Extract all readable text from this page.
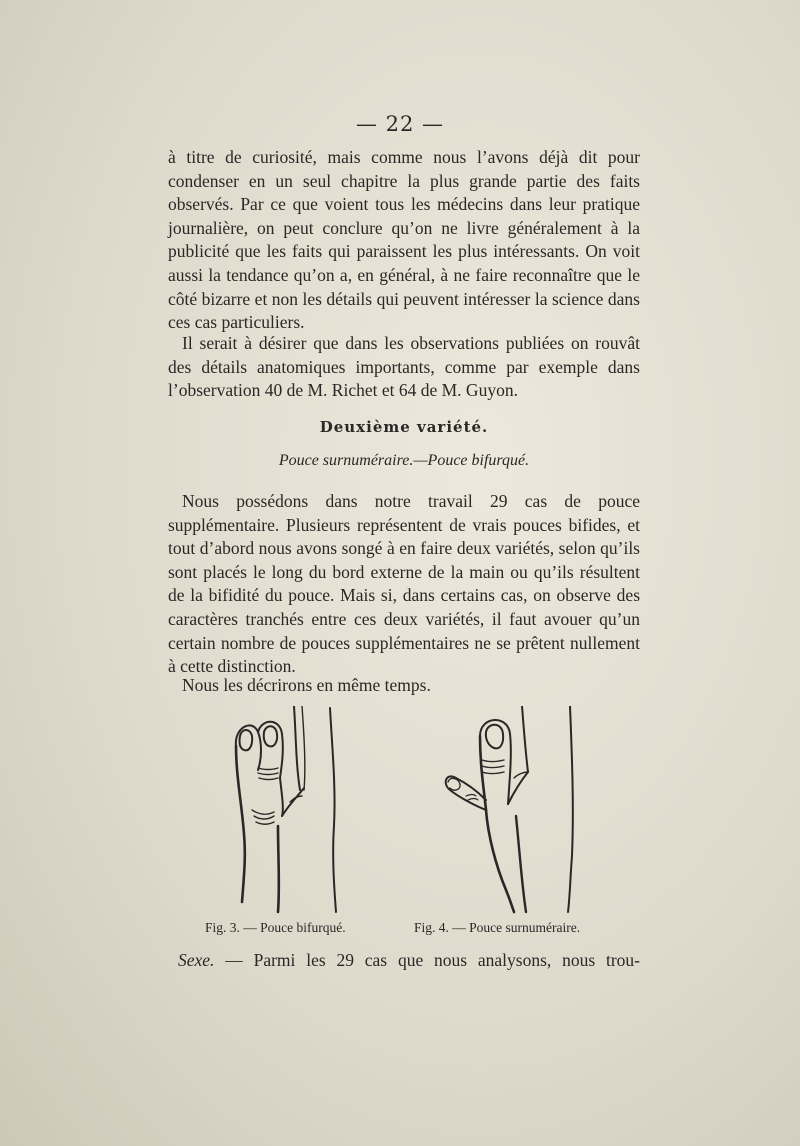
— 22 —

à titre de curiosité, mais comme nous l’avons déjà dit pour condenser en un seul chapitre la plus grande partie des faits observés. Par ce que voient tous les médecins dans leur pratique journalière, on peut conclure qu’on ne livre généralement à la publicité que les faits qui paraissent les plus intéressants. On voit aussi la tendance qu’on a, en général, à ne faire reconnaître que le côté bizarre et non les détails qui peuvent intéresser la science dans ces cas particuliers.

Il serait à désirer que dans les observations publiées on rouvât des détails anatomiques importants, comme par exemple dans l’observation 40 de M. Richet et 64 de M. Guyon.

Deuxième variété.
Pouce surnuméraire.—Pouce bifurqué.

Nous possédons dans notre travail 29 cas de pouce supplémentaire. Plusieurs représentent de vrais pouces bifides, et tout d’abord nous avons songé à en faire deux variétés, selon qu’ils sont placés le long du bord externe de la main ou qu’ils résultent de la bifidité du pouce. Mais si, dans certains cas, on observe des caractères tranchés entre ces deux variétés, il faut avouer qu’un certain nombre de pouces supplémentaires ne se prêtent nullement à cette distinction.

Nous les décrirons en même temps.

Fig. 3. — Pouce bifurqué.	Fig. 4. — Pouce surnuméraire.
Sexe. — Parmi les 29 cas que nous analysons, nous trou-
